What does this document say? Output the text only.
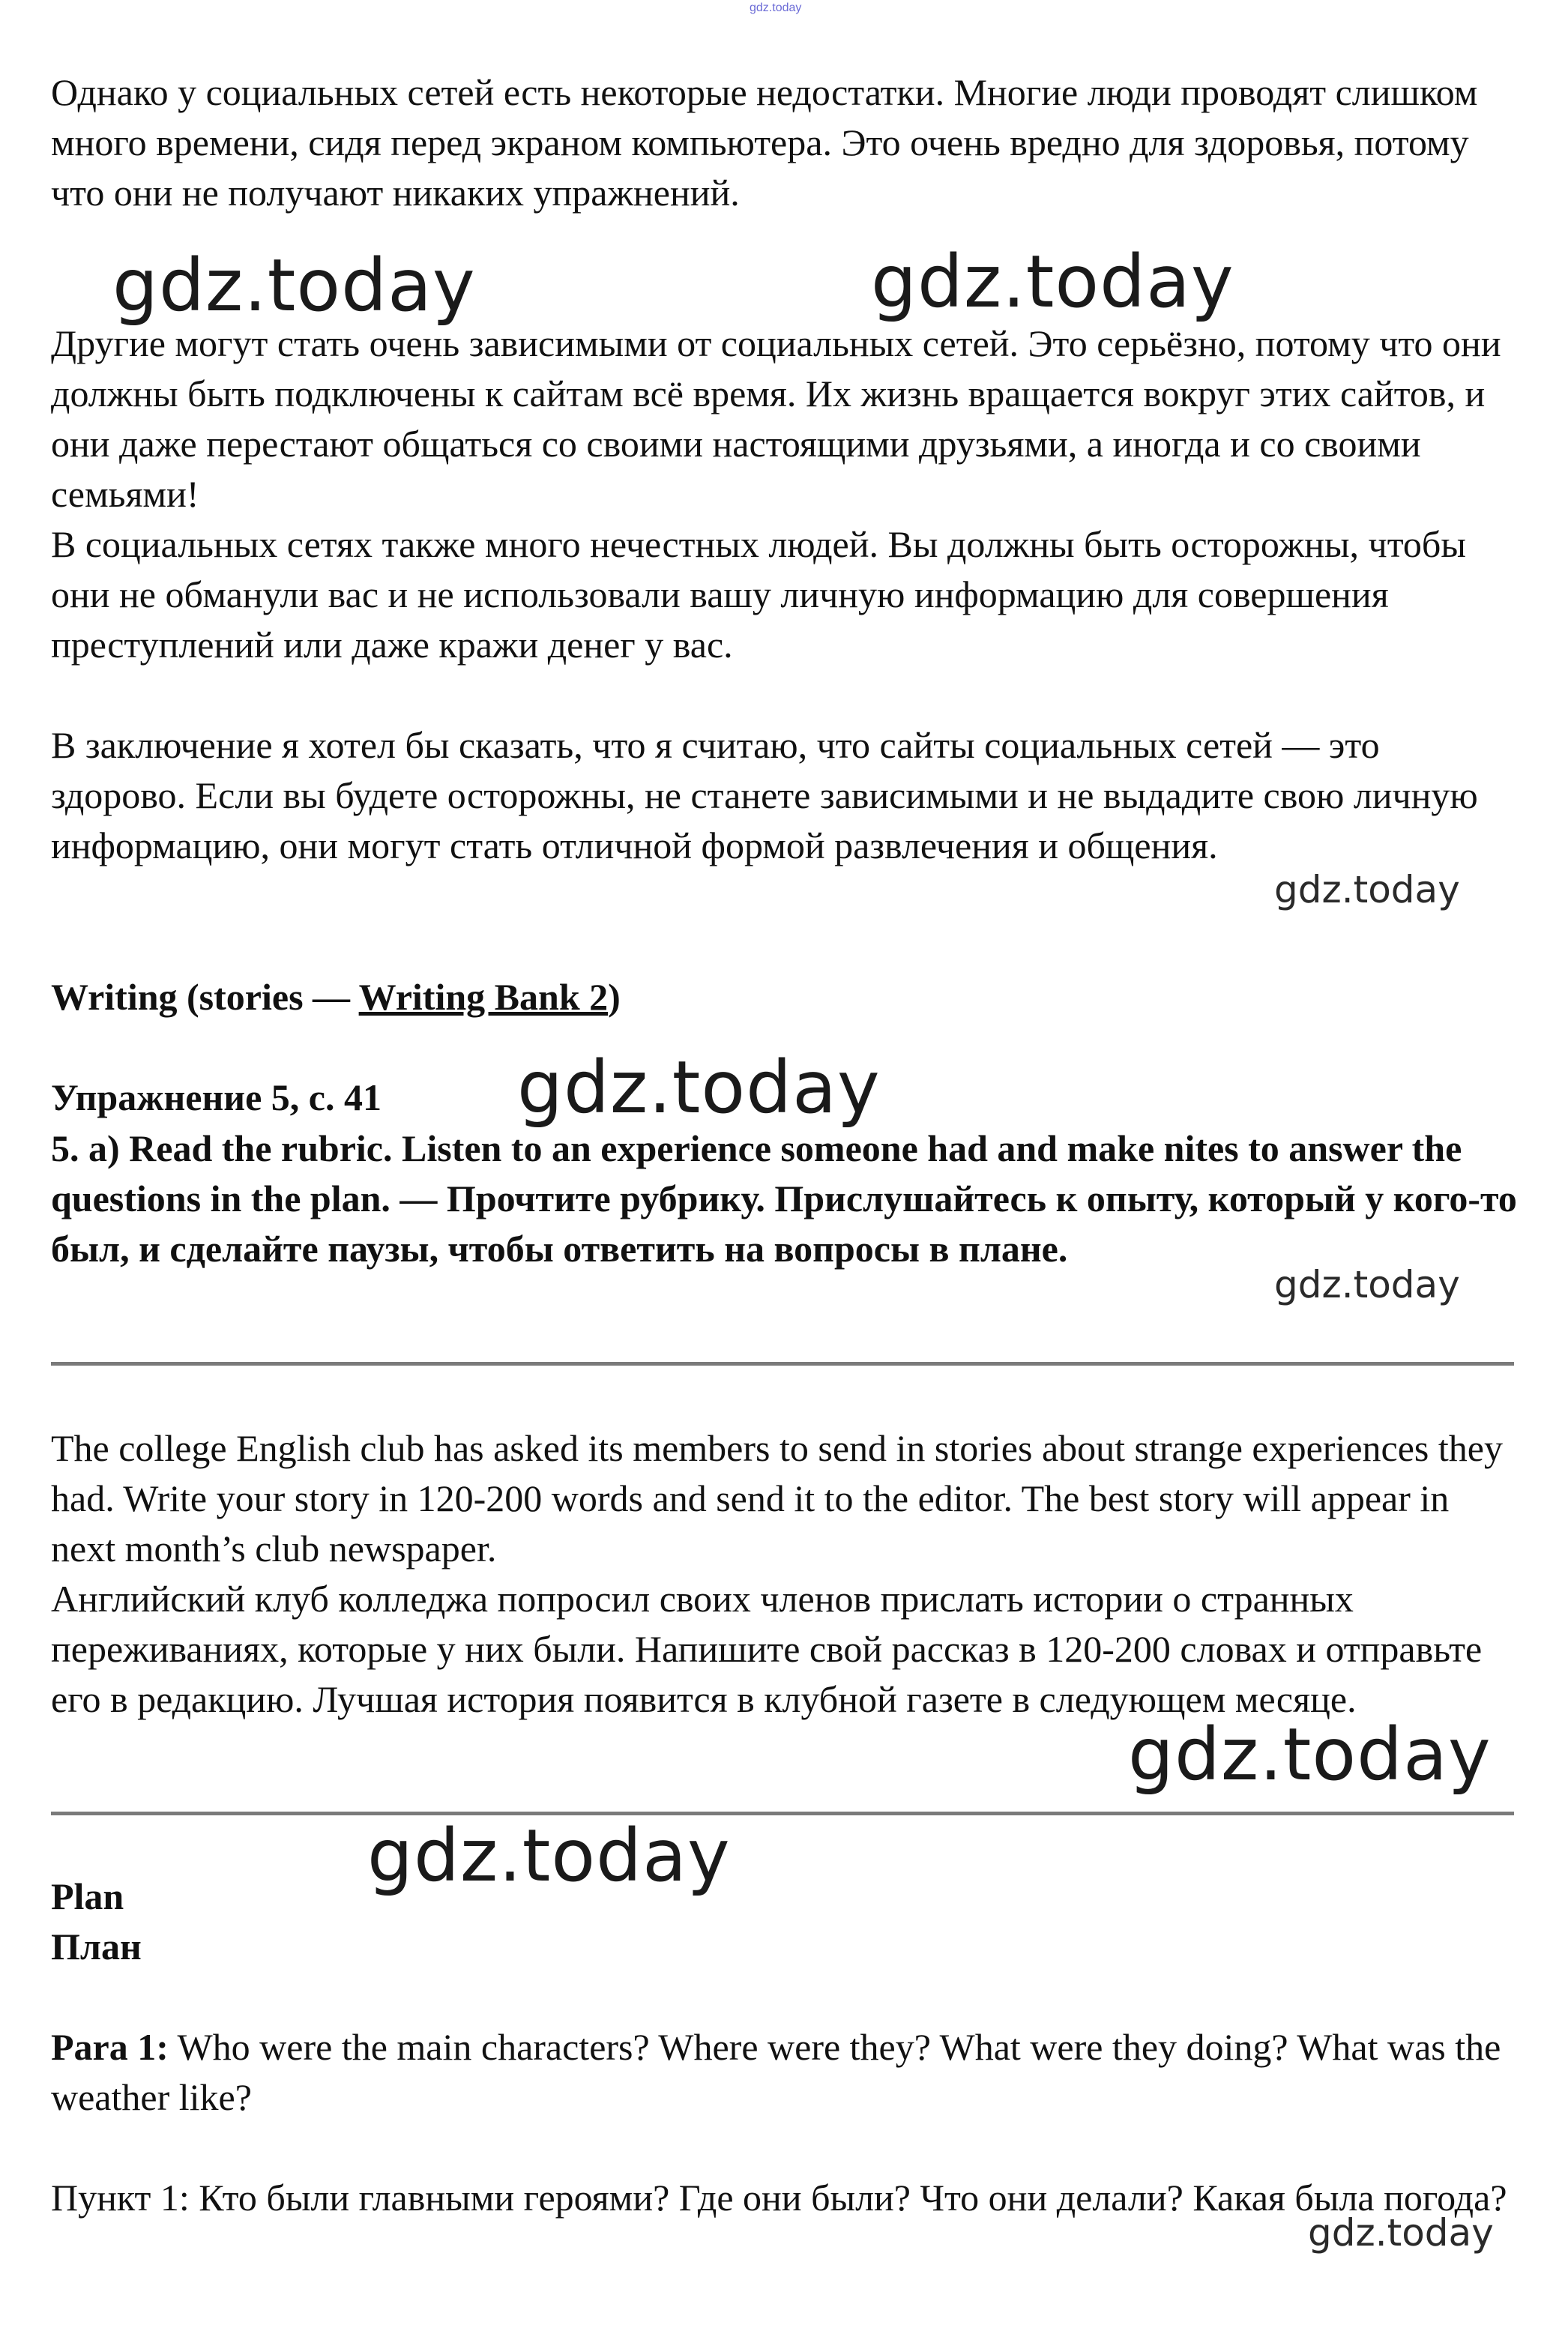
gdz.today

Однако у социальных сетей есть некоторые недостатки. Многие люди проводят слишком много времени, сидя перед экраном компьютера. Это очень вредно для здоровья, потому что они не получают никаких упражнений.

Другие могут стать очень зависимыми от социальных сетей. Это серьёзно, потому что они должны быть подключены к сайтам всё время. Их жизнь вращается вокруг этих сайтов, и они даже перестают общаться со своими настоящими друзьями, а иногда и со своими семьями!

В социальных сетях также много нечестных людей. Вы должны быть осторожны, чтобы они не обманули вас и не использовали вашу личную информацию для совершения преступлений или даже кражи денег у вас.

В заключение я хотел бы сказать, что я считаю, что сайты социальных сетей — это здорово. Если вы будете осторожны, не станете зависимыми и не выдадите свою личную информацию, они могут стать отличной формой развлечения и общения.

Writing (stories — Writing Bank 2)

Упражнение 5, с. 41

5. a) Read the rubric. Listen to an experience someone had and make nites to answer the questions in the plan. — Прочтите рубрику. Прислушайтесь к опыту, который у кого-то был, и сделайте паузы, чтобы ответить на вопросы в плане.

The college English club has asked its members to send in stories about strange experiences they had. Write your story in 120-200 words and send it to the editor. The best story will appear in next month’s club newspaper.

Английский клуб колледжа попросил своих членов прислать истории о странных переживаниях, которые у них были. Напишите свой рассказ в 120-200 словах и отправьте его в редакцию. Лучшая история появится в клубной газете в следующем месяце.

Plan

План

Para 1: Who were the main characters? Where were they? What were they doing? What was the weather like?

Пункт 1: Кто были главными героями? Где они были? Что они делали? Какая была погода?

gdz.today	gdz.today
gdz.today
gdz.today
gdz.today
gdz.today
gdz.today
gdz.today
